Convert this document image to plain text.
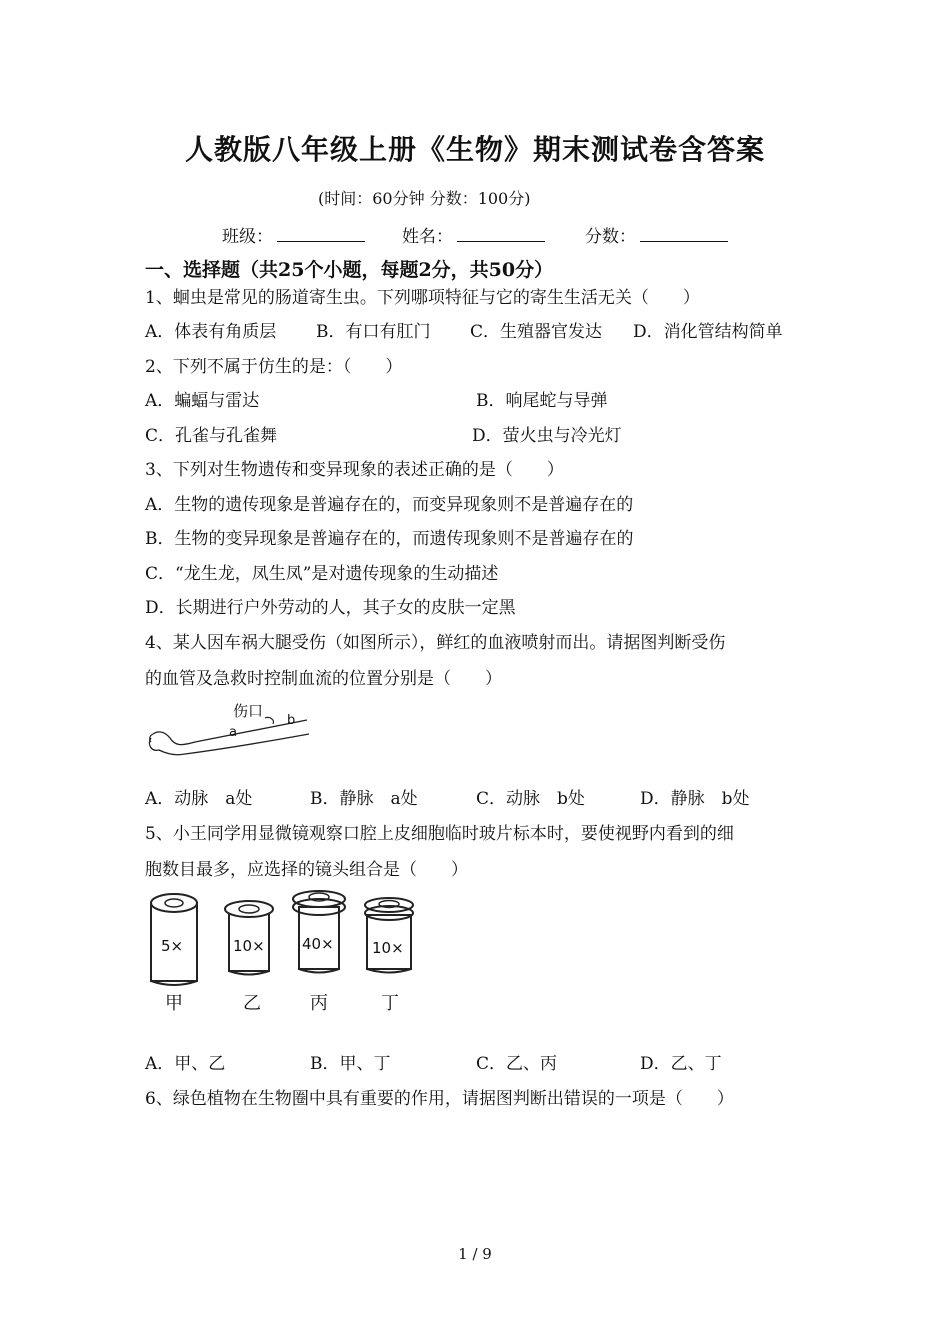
人教版八年级上册《生物》期末测试卷含答案
(时间：60分钟 分数：100分)
班级：	姓名：	分数：
一、选择题（共25个小题，每题2分，共50分）
1、蛔虫是常见的肠道寄生虫。下列哪项特征与它的寄生生活无关（　　）
A．体表有角质层 B．有口有肛门 C．生殖器官发达 D．消化管结构简单
2、下列不属于仿生的是：（　　）
A．蝙蝠与雷达	B．响尾蛇与导弹
C．孔雀与孔雀舞	D．萤火虫与冷光灯
3、下列对生物遗传和变异现象的表述正确的是（　　）
A．生物的遗传现象是普遍存在的，而变异现象则不是普遍存在的
B．生物的变异现象是普遍存在的，而遗传现象则不是普遍存在的
C．“龙生龙，凤生凤”是对遗传现象的生动描述
D．长期进行户外劳动的人，其子女的皮肤一定黑
4、某人因车祸大腿受伤（如图所示），鲜红的血液喷射而出。请据图判断受伤
的血管及急救时控制血流的位置分别是（　　）
伤口
a
b
A．动脉　a处	B．静脉　a处	C．动脉　b处	D．静脉　b处
5、小王同学用显微镜观察口腔上皮细胞临时玻片标本时，要使视野内看到的细
胞数目最多，应选择的镜头组合是（　　）
5×
甲
10×
乙
40×
丙
10×
丁
A．甲、乙	B．甲、丁	C．乙、丙	D．乙、丁
6、绿色植物在生物圈中具有重要的作用，请据图判断出错误的一项是（　　）
1 / 9
